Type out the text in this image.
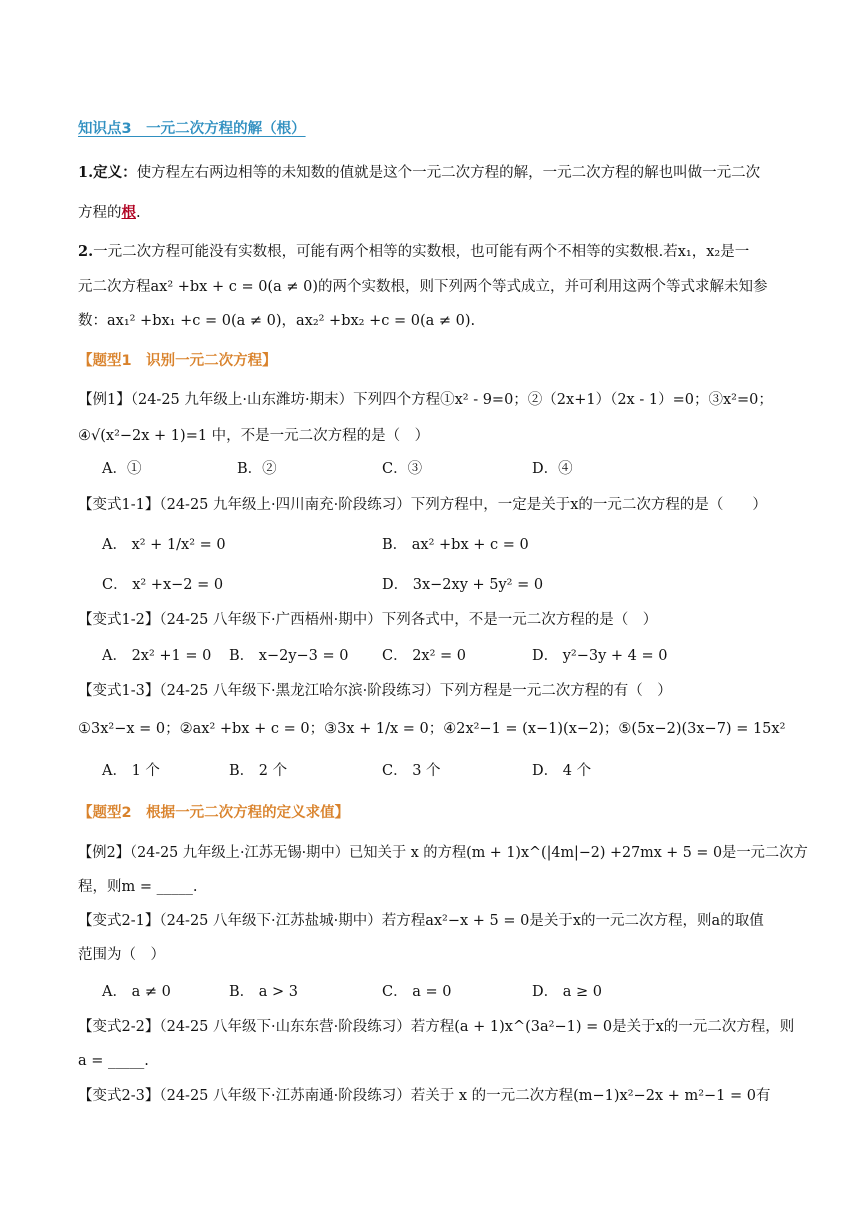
知识点3　一元二次方程的解（根）
1.定义：使方程左右两边相等的未知数的值就是这个一元二次方程的解，一元二次方程的解也叫做一元二次
方程的根.
2.一元二次方程可能没有实数根，可能有两个相等的实数根，也可能有两个不相等的实数根.若x₁，x₂是一
元二次方程ax² +bx + c = 0(a ≠ 0)的两个实数根，则下列两个等式成立，并可利用这两个等式求解未知参
数：ax₁² +bx₁ +c = 0(a ≠ 0)，ax₂² +bx₂ +c = 0(a ≠ 0).
【题型1　识别一元二次方程】
【例1】（24-25 九年级上·山东潍坊·期末）下列四个方程①x² - 9=0；②（2x+1）（2x - 1）=0；③x²=0；
④√(x²−2x + 1)=1 中，不是一元二次方程的是（　）
A．①	B．②	C．③	D．④
【变式1-1】（24-25 九年级上·四川南充·阶段练习）下列方程中，一定是关于x的一元二次方程的是（　　）
A． x² + 1/x² = 0	B． ax² +bx + c = 0
C． x² +x−2 = 0	D． 3x−2xy + 5y² = 0
【变式1-2】（24-25 八年级下·广西梧州·期中）下列各式中，不是一元二次方程的是（　）
A． 2x² +1 = 0 B． x−2y−3 = 0 C． 2x² = 0	D． y²−3y + 4 = 0
【变式1-3】（24-25 八年级下·黑龙江哈尔滨·阶段练习）下列方程是一元二次方程的有（　）
①3x²−x = 0；②ax² +bx + c = 0；③3x + 1/x = 0；④2x²−1 = (x−1)(x−2)；⑤(5x−2)(3x−7) = 15x²
A． 1 个	B． 2 个	C． 3 个	D． 4 个
【题型2　根据一元二次方程的定义求值】
【例2】（24-25 九年级上·江苏无锡·期中）已知关于 x 的方程(m + 1)x^(|4m|−2) +27mx + 5 = 0是一元二次方
程，则m = _____.
【变式2-1】（24-25 八年级下·江苏盐城·期中）若方程ax²−x + 5 = 0是关于x的一元二次方程，则a的取值
范围为（　）
A． a ≠ 0	B． a > 3	C． a = 0	D． a ≥ 0
【变式2-2】（24-25 八年级下·山东东营·阶段练习）若方程(a + 1)x^(3a²−1) = 0是关于x的一元二次方程，则
a = _____.
【变式2-3】（24-25 八年级下·江苏南通·阶段练习）若关于 x 的一元二次方程(m−1)x²−2x + m²−1 = 0有
